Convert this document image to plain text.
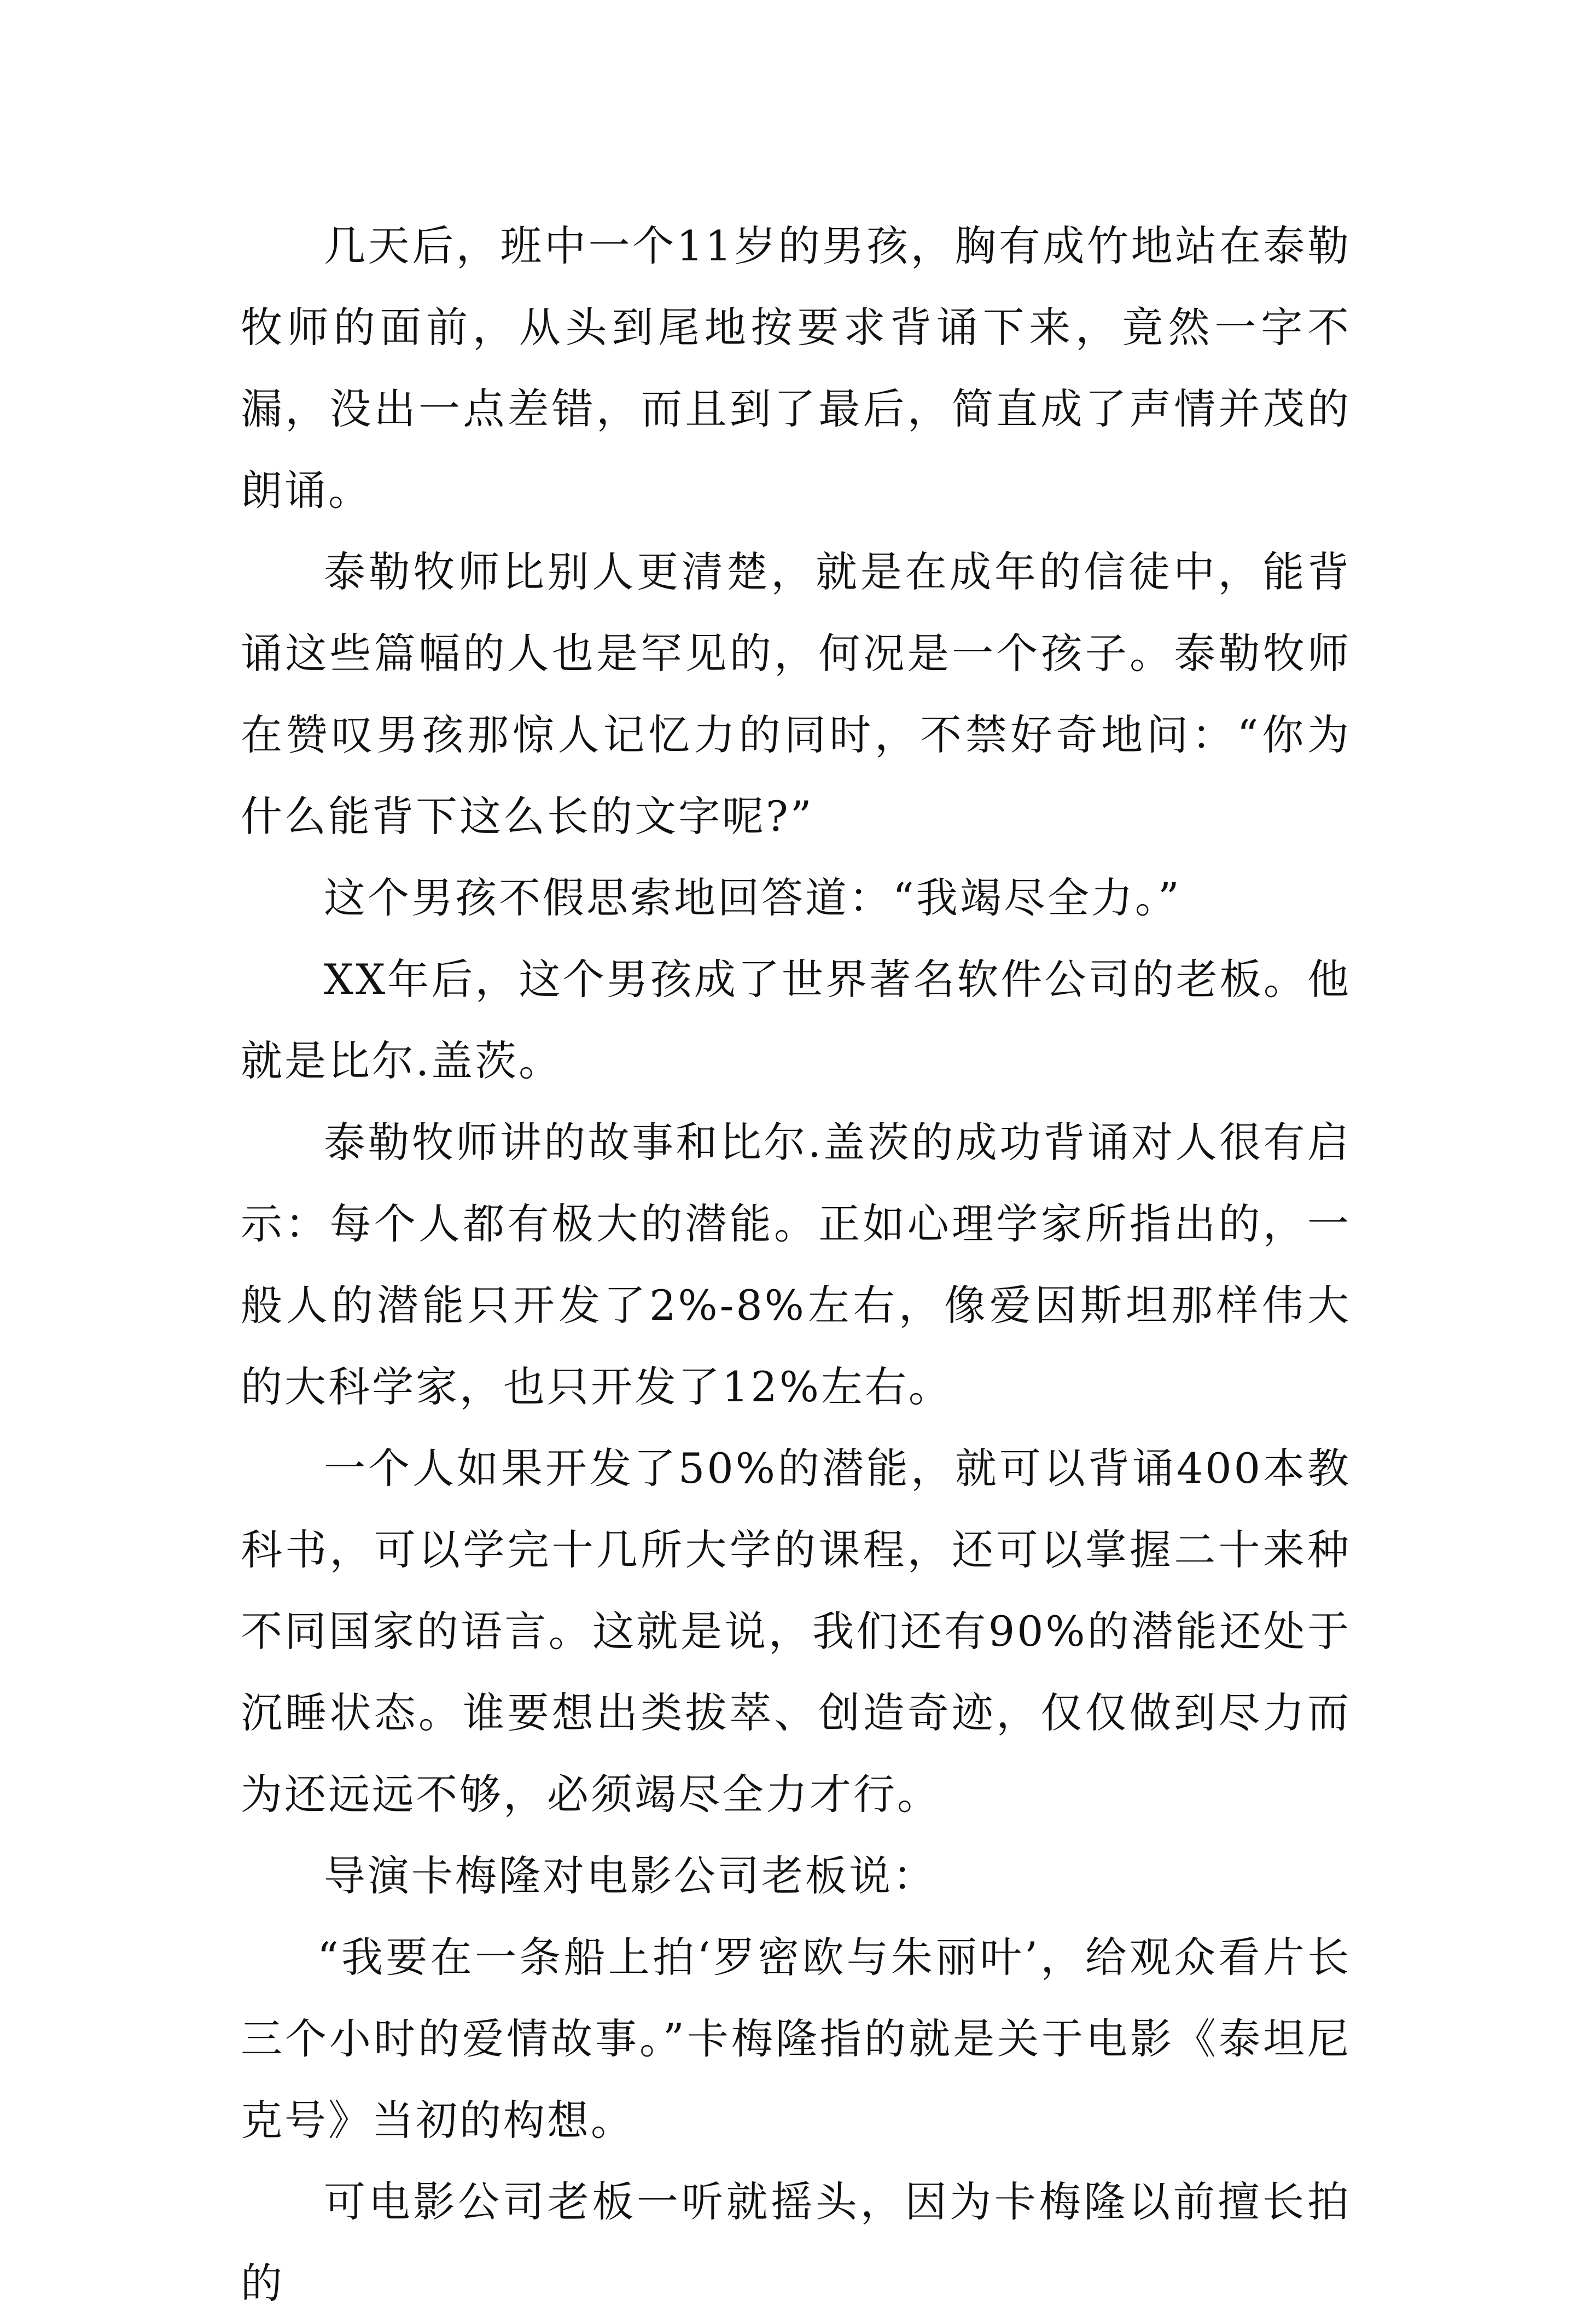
几天后，班中一个11岁的男孩，胸有成竹地站在泰勒牧师的面前，从头到尾地按要求背诵下来，竟然一字不漏，没出一点差错，而且到了最后，简直成了声情并茂的朗诵。

泰勒牧师比别人更清楚，就是在成年的信徒中，能背诵这些篇幅的人也是罕见的，何况是一个孩子。泰勒牧师在赞叹男孩那惊人记忆力的同时，不禁好奇地问：“你为什么能背下这么长的文字呢?”

这个男孩不假思索地回答道：“我竭尽全力。”

XX年后，这个男孩成了世界著名软件公司的老板。他就是比尔.盖茨。

泰勒牧师讲的故事和比尔.盖茨的成功背诵对人很有启示：每个人都有极大的潜能。正如心理学家所指出的，一般人的潜能只开发了2%-8%左右，像爱因斯坦那样伟大的大科学家，也只开发了12%左右。

一个人如果开发了50%的潜能，就可以背诵400本教科书，可以学完十几所大学的课程，还可以掌握二十来种不同国家的语言。这就是说，我们还有90%的潜能还处于沉睡状态。谁要想出类拔萃、创造奇迹，仅仅做到尽力而为还远远不够，必须竭尽全力才行。

导演卡梅隆对电影公司老板说：

“我要在一条船上拍‘罗密欧与朱丽叶’，给观众看片长三个小时的爱情故事。”卡梅隆指的就是关于电影《泰坦尼克号》当初的构想。

可电影公司老板一听就摇头，因为卡梅隆以前擅长拍的
